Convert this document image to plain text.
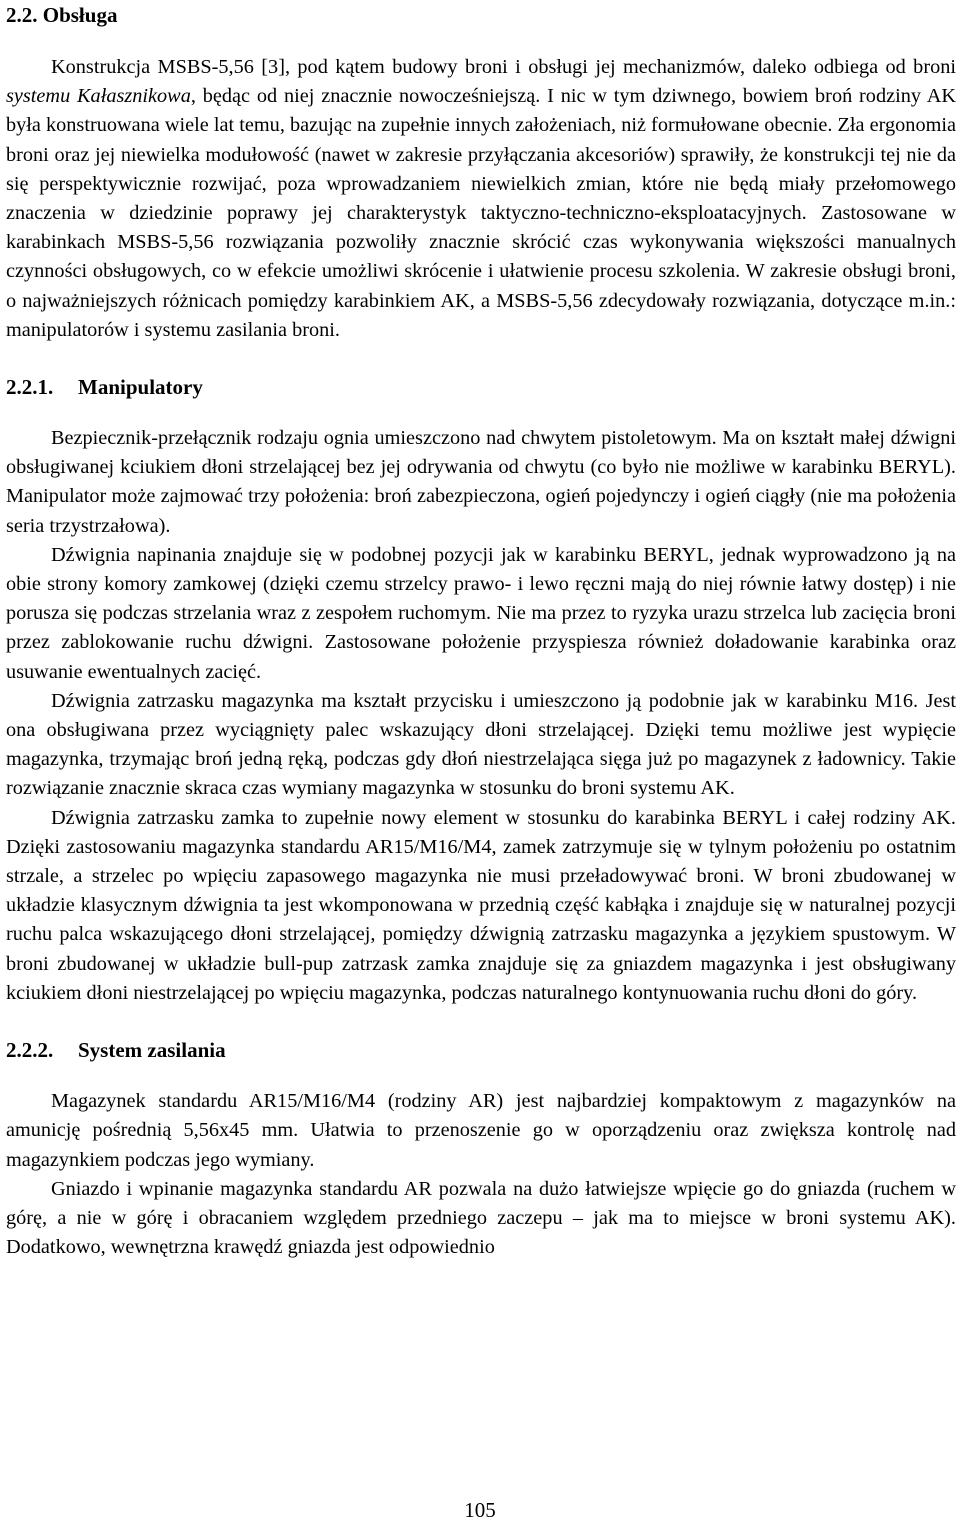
2.2. Obsługa

Konstrukcja MSBS-5,56 [3], pod kątem budowy broni i obsługi jej mechanizmów, daleko odbiega od broni systemu Kałasznikowa, będąc od niej znacznie nowocześniejszą. I nic w tym dziwnego, bowiem broń rodziny AK była konstruowana wiele lat temu, bazując na zupełnie innych założeniach, niż formułowane obecnie. Zła ergonomia broni oraz jej niewielka modułowość (nawet w zakresie przyłączania akcesoriów) sprawiły, że konstrukcji tej nie da się perspektywicznie rozwijać, poza wprowadzaniem niewielkich zmian, które nie będą miały przełomowego znaczenia w dziedzinie poprawy jej charakterystyk taktyczno-techniczno-eksploatacyjnych. Zastosowane w karabinkach MSBS-5,56 rozwiązania pozwoliły znacznie skrócić czas wykonywania większości manualnych czynności obsługowych, co w efekcie umożliwi skrócenie i ułatwienie procesu szkolenia. W zakresie obsługi broni, o najważniejszych różnicach pomiędzy karabinkiem AK, a MSBS-5,56 zdecydowały rozwiązania, dotyczące m.in.: manipulatorów i systemu zasilania broni.

2.2.1. Manipulatory

Bezpiecznik-przełącznik rodzaju ognia umieszczono nad chwytem pistoletowym. Ma on kształt małej dźwigni obsługiwanej kciukiem dłoni strzelającej bez jej odrywania od chwytu (co było nie możliwe w karabinku BERYL). Manipulator może zajmować trzy położenia: broń zabezpieczona, ogień pojedynczy i ogień ciągły (nie ma położenia seria trzystrzałowa).

Dźwignia napinania znajduje się w podobnej pozycji jak w karabinku BERYL, jednak wyprowadzono ją na obie strony komory zamkowej (dzięki czemu strzelcy prawo- i lewo ręczni mają do niej równie łatwy dostęp) i nie porusza się podczas strzelania wraz z zespołem ruchomym. Nie ma przez to ryzyka urazu strzelca lub zacięcia broni przez zablokowanie ruchu dźwigni. Zastosowane położenie przyspiesza również doładowanie karabinka oraz usuwanie ewentualnych zacięć.

Dźwignia zatrzasku magazynka ma kształt przycisku i umieszczono ją podobnie jak w karabinku M16. Jest ona obsługiwana przez wyciągnięty palec wskazujący dłoni strzelającej. Dzięki temu możliwe jest wypięcie magazynka, trzymając broń jedną ręką, podczas gdy dłoń niestrzelająca sięga już po magazynek z ładownicy. Takie rozwiązanie znacznie skraca czas wymiany magazynka w stosunku do broni systemu AK.

Dźwignia zatrzasku zamka to zupełnie nowy element w stosunku do karabinka BERYL i całej rodziny AK. Dzięki zastosowaniu magazynka standardu AR15/M16/M4, zamek zatrzymuje się w tylnym położeniu po ostatnim strzale, a strzelec po wpięciu zapasowego magazynka nie musi przeładowywać broni. W broni zbudowanej w układzie klasycznym dźwignia ta jest wkomponowana w przednią część kabłąka i znajduje się w naturalnej pozycji ruchu palca wskazującego dłoni strzelającej, pomiędzy dźwignią zatrzasku magazynka a językiem spustowym. W broni zbudowanej w układzie bull-pup zatrzask zamka znajduje się za gniazdem magazynka i jest obsługiwany kciukiem dłoni niestrzelającej po wpięciu magazynka, podczas naturalnego kontynuowania ruchu dłoni do góry.

2.2.2. System zasilania

Magazynek standardu AR15/M16/M4 (rodziny AR) jest najbardziej kompaktowym z magazynków na amunicję pośrednią 5,56x45 mm. Ułatwia to przenoszenie go w oporządzeniu oraz zwiększa kontrolę nad magazynkiem podczas jego wymiany.

Gniazdo i wpinanie magazynka standardu AR pozwala na dużo łatwiejsze wpięcie go do gniazda (ruchem w górę, a nie w górę i obracaniem względem przedniego zaczepu – jak ma to miejsce w broni systemu AK). Dodatkowo, wewnętrzna krawędź gniazda jest odpowiednio

105
